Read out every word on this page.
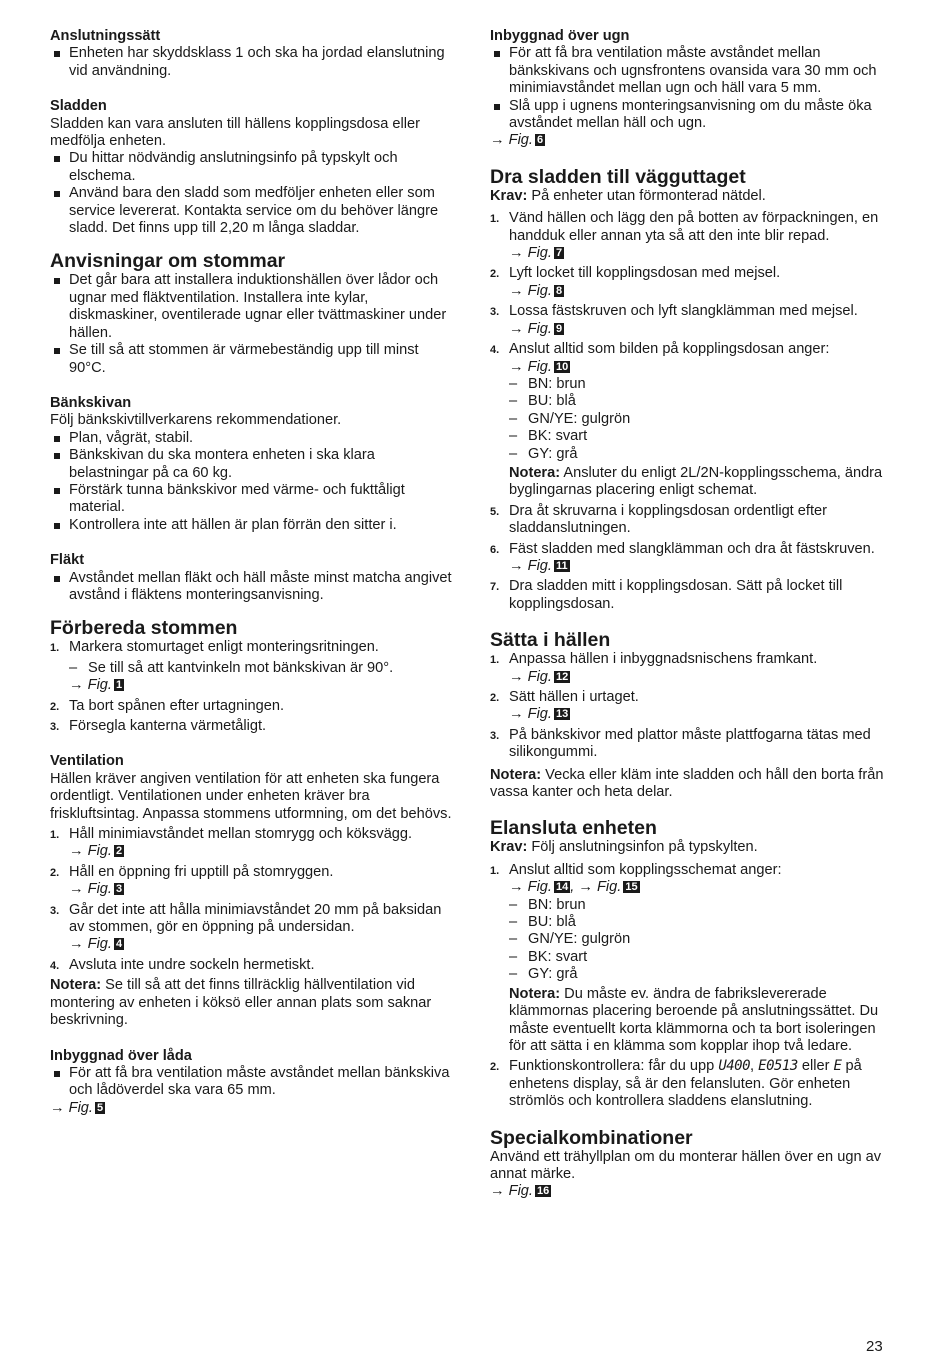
Anslutningssätt

Enheten har skyddsklass 1 och ska ha jordad elanslutning vid användning.

Sladden

Sladden kan vara ansluten till hällens kopplingsdosa eller medfölja enheten.

Du hittar nödvändig anslutningsinfo på typskylt och elschema.

Använd bara den sladd som medföljer enheten eller som service levererat. Kontakta service om du behöver längre sladd. Det finns upp till 2,20 m långa sladdar.

Anvisningar om stommar

Det går bara att installera induktionshällen över lådor och ugnar med fläktventilation. Installera inte kylar, diskmaskiner, oventilerade ugnar eller tvättmaskiner under hällen.

Se till så att stommen är värmebeständig upp till minst 90°C.

Bänkskivan

Följ bänkskivtillverkarens rekommendationer.

Plan, vågrät, stabil.

Bänkskivan du ska montera enheten i ska klara belastningar på ca 60 kg.

Förstärk tunna bänkskivor med värme- och fukttåligt material.

Kontrollera inte att hällen är plan förrän den sitter i.

Fläkt

Avståndet mellan fläkt och häll måste minst matcha angivet avstånd i fläktens monteringsanvisning.

Förbereda stommen

1. Markera stomurtaget enligt monteringsritningen.

– Se till så att kantvinkeln mot bänkskivan är 90°.

→ Fig. 1

2. Ta bort spånen efter urtagningen.

3. Försegla kanterna värmetåligt.

Ventilation

Hällen kräver angiven ventilation för att enheten ska fungera ordentligt. Ventilationen under enheten kräver bra friskluftsintag. Anpassa stommens utformning, om det behövs.

1. Håll minimiavståndet mellan stomrygg och köksvägg.

→ Fig. 2

2. Håll en öppning fri upptill på stomryggen.

→ Fig. 3

3. Går det inte att hålla minimiavståndet 20 mm på baksidan av stommen, gör en öppning på undersidan.

→ Fig. 4

4. Avsluta inte undre sockeln hermetiskt.

Notera: Se till så att det finns tillräcklig hällventilation vid montering av enheten i köksö eller annan plats som saknar beskrivning.

Inbyggnad över låda

För att få bra ventilation måste avståndet mellan bänkskiva och lådöverdel ska vara 65 mm.

→ Fig. 5

Inbyggnad över ugn

För att få bra ventilation måste avståndet mellan bänkskivans och ugnsfrontens ovansida vara 30 mm och minimiavståndet mellan ugn och häll vara 5 mm.

Slå upp i ugnens monteringsanvisning om du måste öka avståndet mellan häll och ugn.

→ Fig. 6

Dra sladden till vägguttaget

Krav: På enheter utan förmonterad nätdel.

1. Vänd hällen och lägg den på botten av förpackningen, en handduk eller annan yta så att den inte blir repad.

→ Fig. 7

2. Lyft locket till kopplingsdosan med mejsel.

→ Fig. 8

3. Lossa fästskruven och lyft slangklämman med mejsel.

→ Fig. 9

4. Anslut alltid som bilden på kopplingsdosan anger:

→ Fig. 10

– BN: brun

– BU: blå

– GN/YE: gulgrön

– BK: svart

– GY: grå

Notera: Ansluter du enligt 2L/2N-kopplingsschema, ändra byglingarnas placering enligt schemat.

5. Dra åt skruvarna i kopplingsdosan ordentligt efter sladdanslutningen.

6. Fäst sladden med slangklämman och dra åt fästskruven.

→ Fig. 11

7. Dra sladden mitt i kopplingsdosan. Sätt på locket till kopplingsdosan.

Sätta i hällen

1. Anpassa hällen i inbyggnadsnischens framkant.

→ Fig. 12

2. Sätt hällen i urtaget.

→ Fig. 13

3. På bänkskivor med plattor måste plattfogarna tätas med silikongummi.

Notera: Vecka eller kläm inte sladden och håll den borta från vassa kanter och heta delar.

Elansluta enheten

Krav: Följ anslutningsinfon på typskylten.

1. Anslut alltid som kopplingsschemat anger:

→ Fig. 14 , → Fig. 15

– BN: brun

– BU: blå

– GN/YE: gulgrön

– BK: svart

– GY: grå

Notera: Du måste ev. ändra de fabrikslevererade klämmornas placering beroende på anslutningssättet. Du måste eventuellt korta klämmorna och ta bort isoleringen för att sätta i en klämma som kopplar ihop två ledare.

2. Funktionskontrollera: får du upp U400, E0513 eller E på enhetens display, så är den felansluten. Gör enheten strömlös och kontrollera sladdens elanslutning.

Specialkombinationer

Använd ett trähyllplan om du monterar hällen över en ugn av annat märke.

→ Fig. 16

23
